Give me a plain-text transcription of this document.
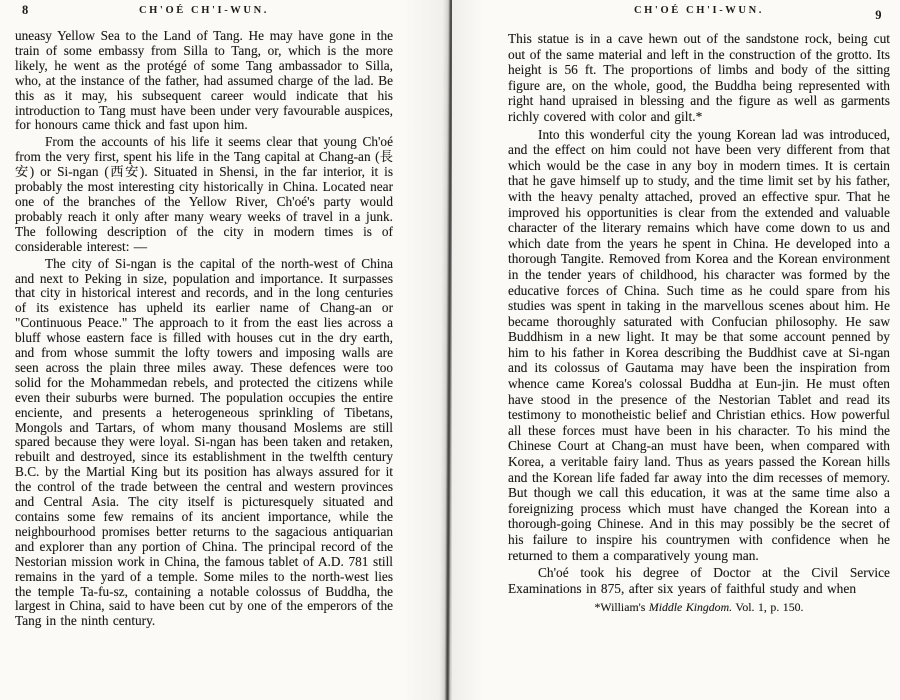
8	CH'OÉ CH'I-WUN.

uneasy Yellow Sea to the Land of Tang. He may have gone in the train of some embassy from Silla to Tang, or, which is the more likely, he went as the protégé of some Tang ambassador to Silla, who, at the instance of the father, had assumed charge of the lad. Be this as it may, his subsequent career would indicate that his introduction to Tang must have been under very favourable auspices, for honours came thick and fast upon him.

From the accounts of his life it seems clear that young Ch'oé from the very first, spent his life in the Tang capital at Chang-an (長安) or Si-ngan (西安). Situated in Shensi, in the far interior, it is probably the most interesting city historically in China. Located near one of the branches of the Yellow River, Ch'oé's party would probably reach it only after many weary weeks of travel in a junk. The following description of the city in modern times is of considerable interest: —

The city of Si-ngan is the capital of the north-west of China and next to Peking in size, population and importance. It surpasses that city in historical interest and records, and in the long centuries of its existence has upheld its earlier name of Chang-an or "Continuous Peace." The approach to it from the east lies across a bluff whose eastern face is filled with houses cut in the dry earth, and from whose summit the lofty towers and imposing walls are seen across the plain three miles away. These defences were too solid for the Mohammedan rebels, and protected the citizens while even their suburbs were burned. The population occupies the entire enciente, and presents a heterogeneous sprinkling of Tibetans, Mongols and Tartars, of whom many thousand Moslems are still spared because they were loyal. Si-ngan has been taken and retaken, rebuilt and destroyed, since its establishment in the twelfth century B.C. by the Martial King but its position has always assured for it the control of the trade between the central and western provinces and Central Asia. The city itself is picturesquely situated and contains some few remains of its ancient importance, while the neighbourhood promises better returns to the sagacious antiquarian and explorer than any portion of China. The principal record of the Nestorian mission work in China, the famous tablet of A.D. 781 still remains in the yard of a temple. Some miles to the north-west lies the temple Ta-fu-sz, containing a notable colossus of Buddha, the largest in China, said to have been cut by one of the emperors of the Tang in the ninth century.

CH'OÉ CH'I-WUN.	9

This statue is in a cave hewn out of the sandstone rock, being cut out of the same material and left in the construction of the grotto. Its height is 56 ft. The proportions of limbs and body of the sitting figure are, on the whole, good, the Buddha being represented with right hand upraised in blessing and the figure as well as garments richly covered with color and gilt.*

Into this wonderful city the young Korean lad was introduced, and the effect on him could not have been very different from that which would be the case in any boy in modern times. It is certain that he gave himself up to study, and the time limit set by his father, with the heavy penalty attached, proved an effective spur. That he improved his opportunities is clear from the extended and valuable character of the literary remains which have come down to us and which date from the years he spent in China. He developed into a thorough Tangite. Removed from Korea and the Korean environment in the tender years of childhood, his character was formed by the educative forces of China. Such time as he could spare from his studies was spent in taking in the marvellous scenes about him. He became thoroughly saturated with Confucian philosophy. He saw Buddhism in a new light. It may be that some account penned by him to his father in Korea describing the Buddhist cave at Si-ngan and its colossus of Gautama may have been the inspiration from whence came Korea's colossal Buddha at Eun-jin. He must often have stood in the presence of the Nestorian Tablet and read its testimony to monotheistic belief and Christian ethics. How powerful all these forces must have been in his character. To his mind the Chinese Court at Chang-an must have been, when compared with Korea, a veritable fairy land. Thus as years passed the Korean hills and the Korean life faded far away into the dim recesses of memory. But though we call this education, it was at the same time also a foreignizing process which must have changed the Korean into a thorough-going Chinese. And in this may possibly be the secret of his failure to inspire his countrymen with confidence when he returned to them a comparatively young man.

Ch'oé took his degree of Doctor at the Civil Service Examinations in 875, after six years of faithful study and when

*William's Middle Kingdom. Vol. 1, p. 150.
